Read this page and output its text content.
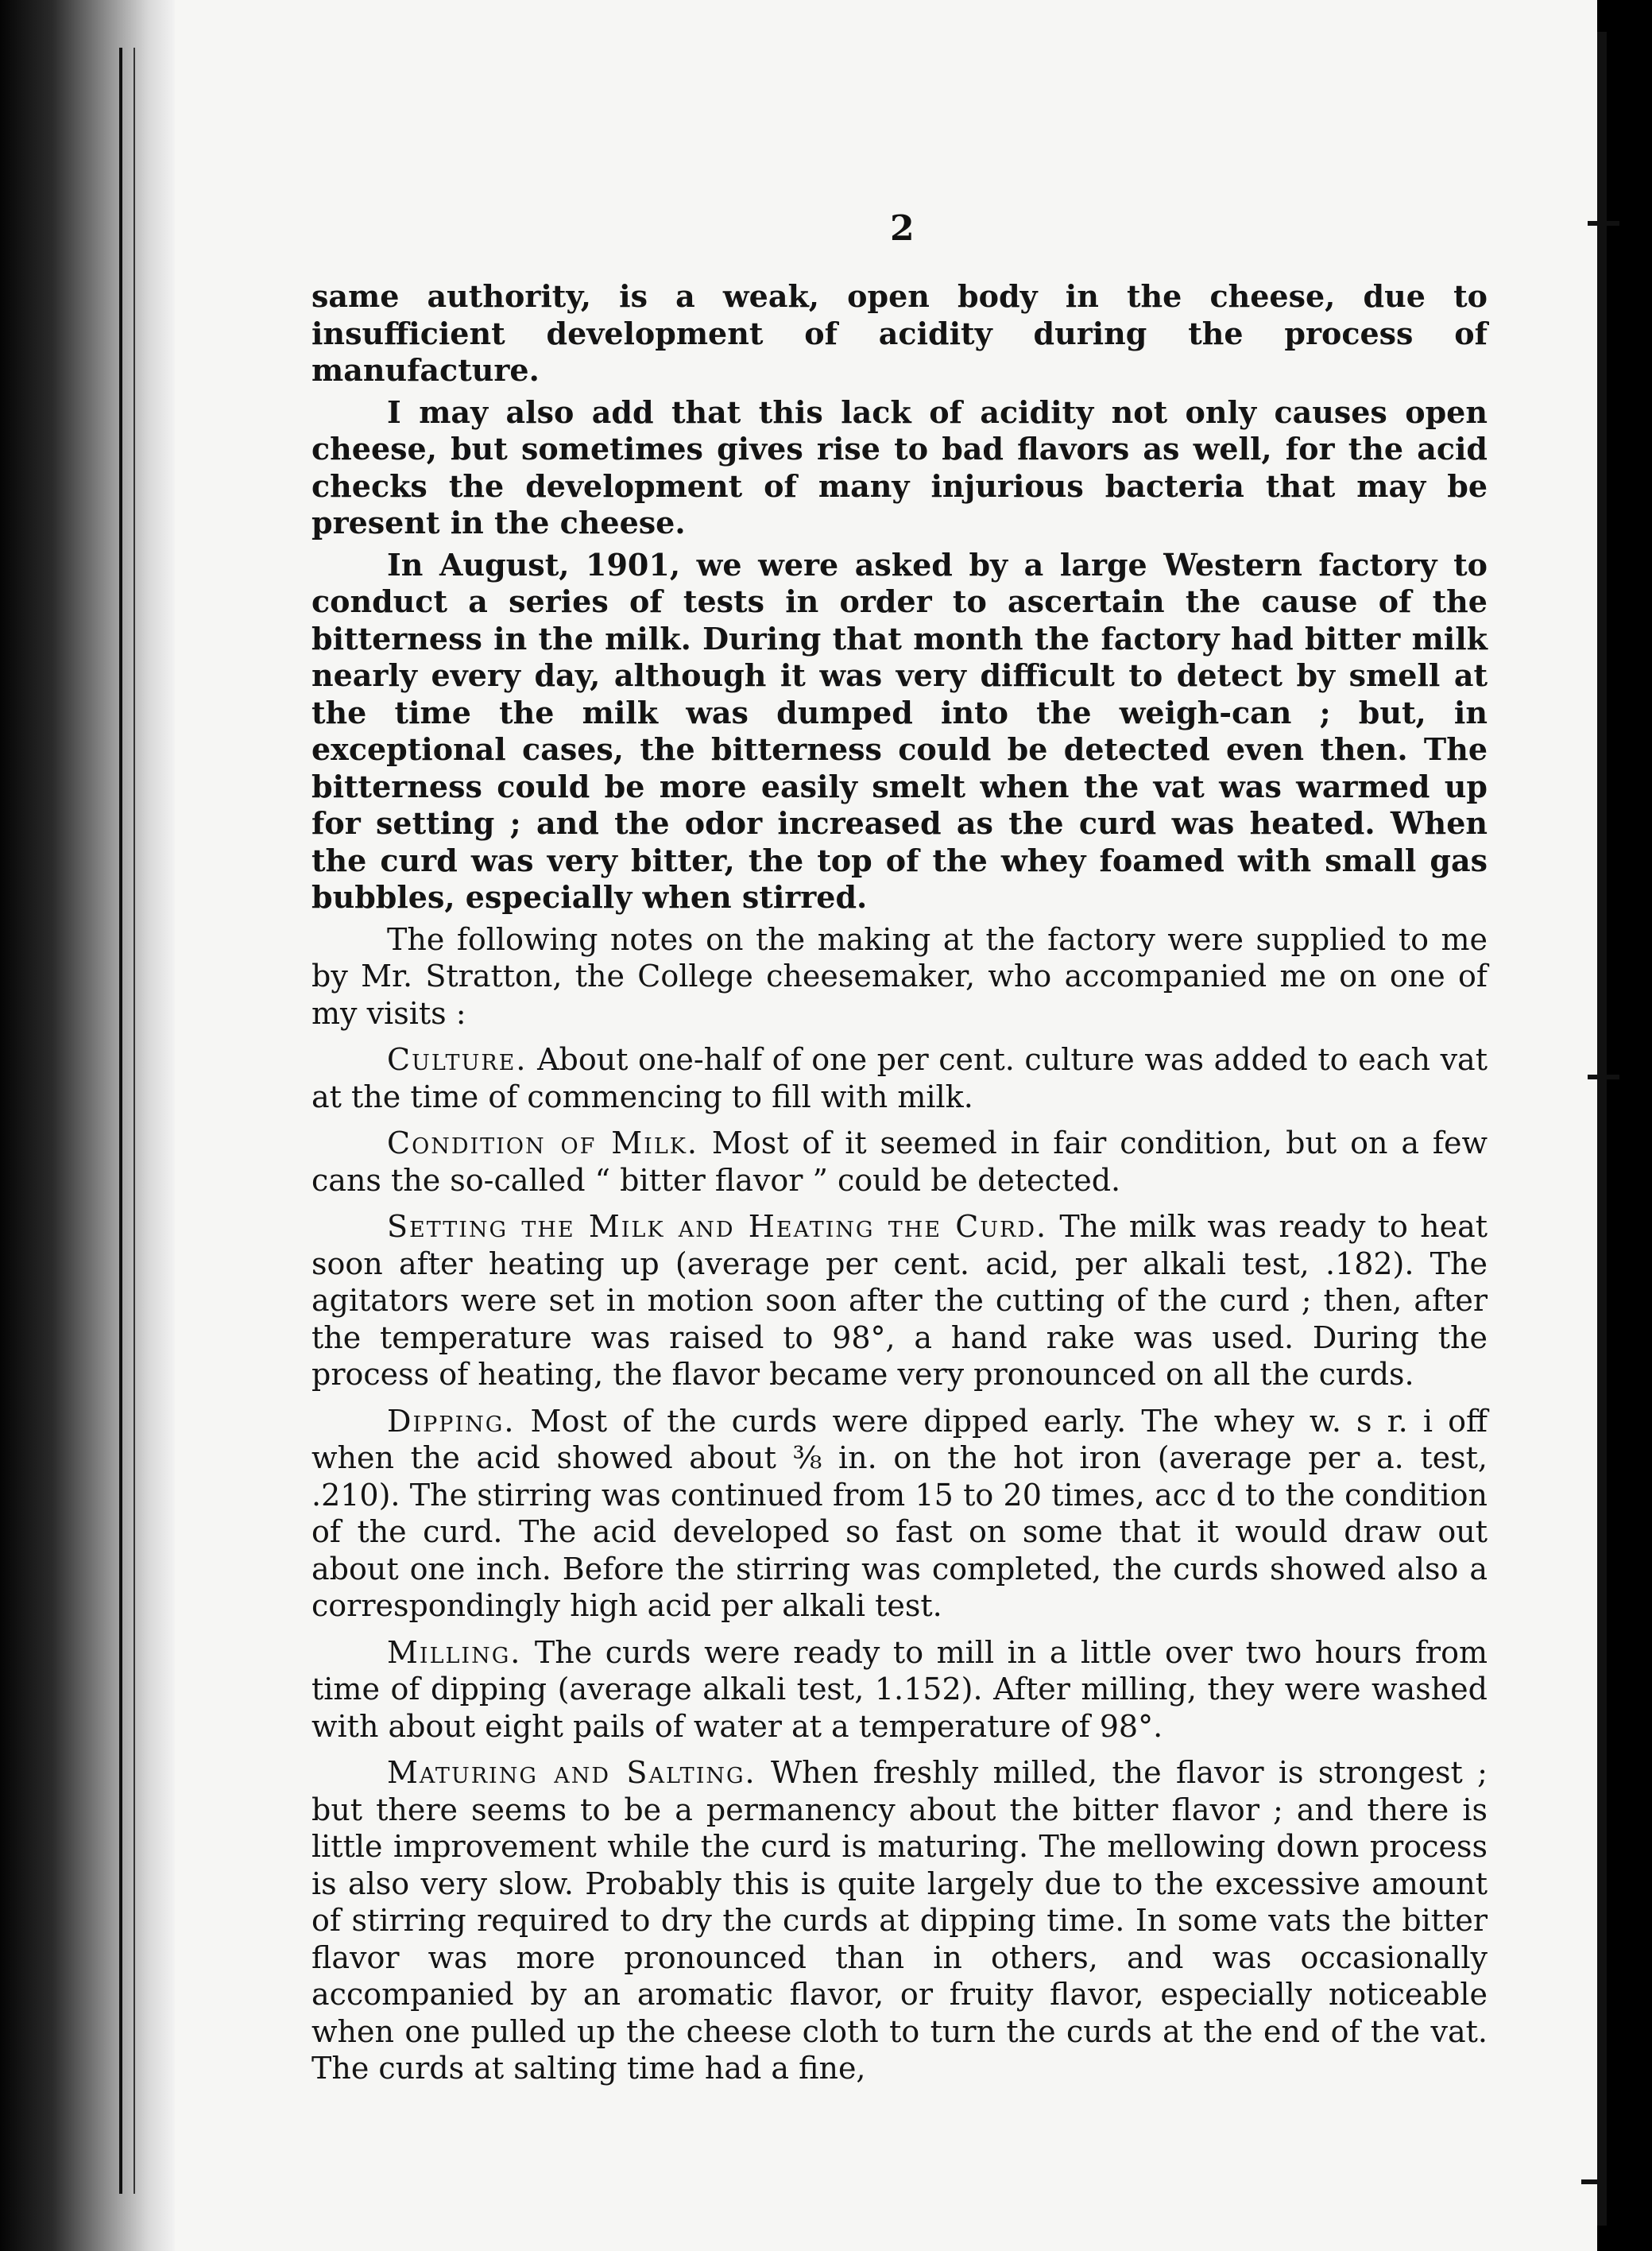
2

same authority, is a weak, open body in the cheese, due to insufficient development of acidity during the process of manufacture.

I may also add that this lack of acidity not only causes open cheese, but sometimes gives rise to bad flavors as well, for the acid checks the development of many injurious bacteria that may be present in the cheese.

In August, 1901, we were asked by a large Western factory to conduct a series of tests in order to ascertain the cause of the bitterness in the milk. During that month the factory had bitter milk nearly every day, although it was very difficult to detect by smell at the time the milk was dumped into the weigh-can ; but, in exceptional cases, the bitterness could be detected even then. The bitterness could be more easily smelt when the vat was warmed up for setting ; and the odor increased as the curd was heated. When the curd was very bitter, the top of the whey foamed with small gas bubbles, especially when stirred.

The following notes on the making at the factory were supplied to me by Mr. Stratton, the College cheesemaker, who accompanied me on one of my visits :

Culture. About one-half of one per cent. culture was added to each vat at the time of commencing to fill with milk.

Condition of Milk. Most of it seemed in fair condition, but on a few cans the so-called “ bitter flavor ” could be detected.

Setting the Milk and Heating the Curd. The milk was ready to heat soon after heating up (average per cent. acid, per alkali test, .182). The agitators were set in motion soon after the cutting of the curd ; then, after the temperature was raised to 98°, a hand rake was used. During the process of heating, the flavor became very pronounced on all the curds.

Dipping. Most of the curds were dipped early. The whey w. s r. i off when the acid showed about ⅜ in. on the hot iron (average per a. test, .210). The stirring was continued from 15 to 20 times, acc d to the condition of the curd. The acid developed so fast on some that it would draw out about one inch. Before the stirring was completed, the curds showed also a correspondingly high acid per alkali test.

Milling. The curds were ready to mill in a little over two hours from time of dipping (average alkali test, 1.152). After milling, they were washed with about eight pails of water at a temperature of 98°.

Maturing and Salting. When freshly milled, the flavor is strongest ; but there seems to be a permanency about the bitter flavor ; and there is little improvement while the curd is maturing. The mellowing down process is also very slow. Probably this is quite largely due to the excessive amount of stirring required to dry the curds at dipping time. In some vats the bitter flavor was more pronounced than in others, and was occasionally accompanied by an aromatic flavor, or fruity flavor, especially noticeable when one pulled up the cheese cloth to turn the curds at the end of the vat. The curds at salting time had a fine,
